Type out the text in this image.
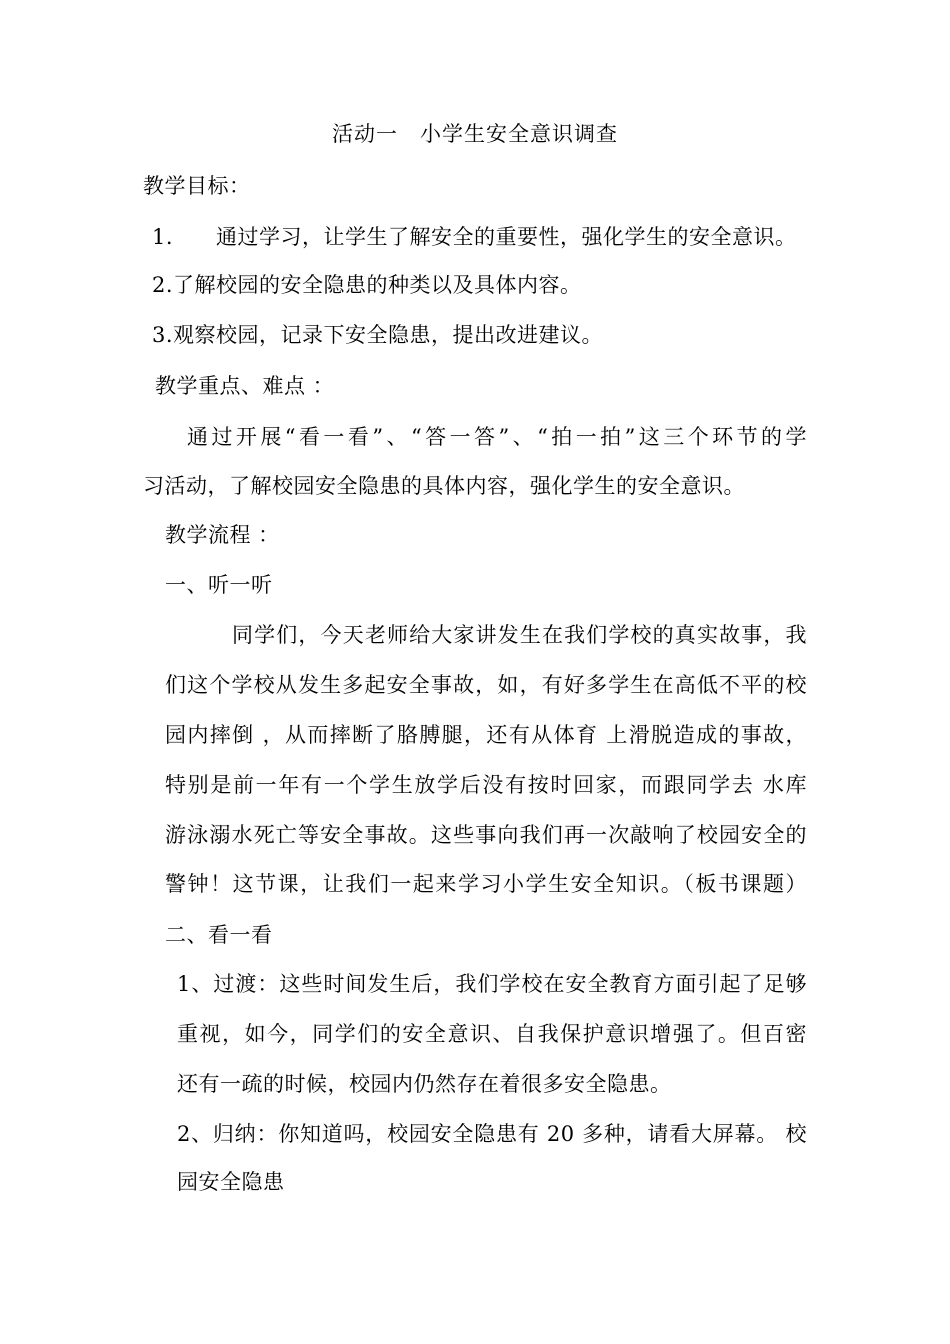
活动一　小学生安全意识调查
教学目标：
1.　　通过学习，让学生了解安全的重要性，强化学生的安全意识。
2.了解校园的安全隐患的种类以及具体内容。
3.观察校园，记录下安全隐患，提出改进建议。
教学重点、难点 ：
通过开展“看一看”、“答一答”、“拍一拍”这三个环节的学
习活动，了解校园安全隐患的具体内容，强化学生的安全意识。
教学流程 ：
一、听一听
同学们，今天老师给大家讲发生在我们学校的真实故事，我
们这个学校从发生多起安全事故，如，有好多学生在高低不平的校
园内摔倒 ，从而摔断了胳膊腿，还有从体育 上滑脱造成的事故，
特别是前一年有一个学生放学后没有按时回家，而跟同学去 水库
游泳溺水死亡等安全事故。这些事向我们再一次敲响了校园安全的
警钟！这节课，让我们一起来学习小学生安全知识。（板书课题）
二、看一看
1、过渡：这些时间发生后，我们学校在安全教育方面引起了足够
重视，如今，同学们的安全意识、自我保护意识增强了。但百密
还有一疏的时候，校园内仍然存在着很多安全隐患。
2、归纳：你知道吗，校园安全隐患有 20 多种，请看大屏幕。 校
园安全隐患
